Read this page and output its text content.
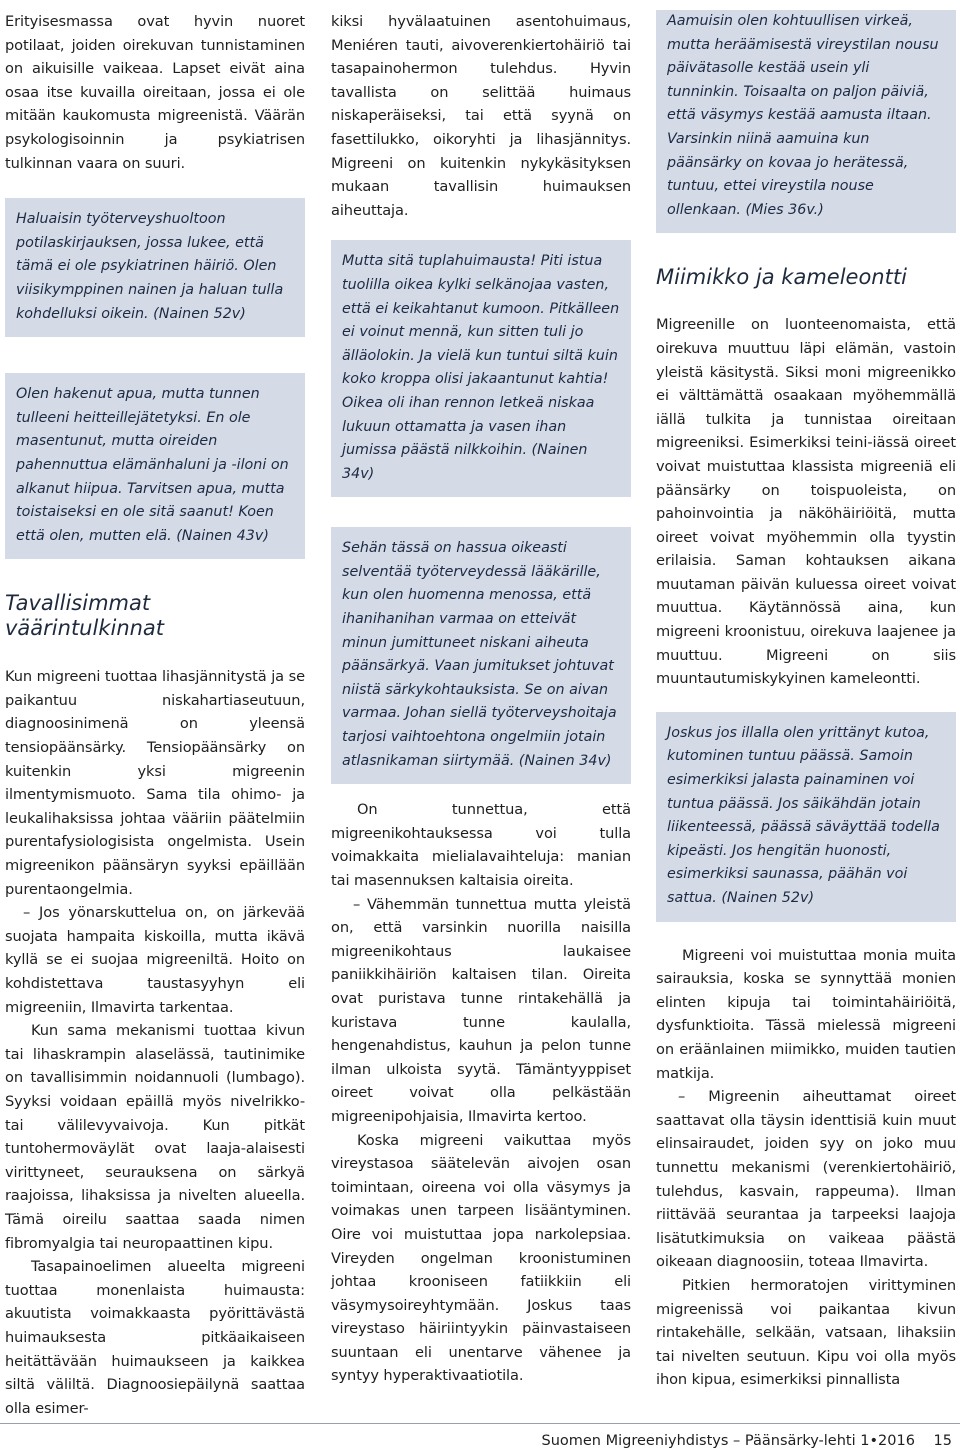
Erityisesmassa ovat hyvin nuoret potilaat, joiden oirekuvan tunnistaminen on aikuisille vaikeaa. Lapset eivät aina osaa itse kuvailla oireitaan, jossa ei ole mitään kaukomusta migreenistä. Väärän psykologisoinnin ja psykiatrisen tulkinnan vaara on suuri.

Haluaisin työterveyshuoltoon potilaskirjauksen, jossa lukee, että tämä ei ole psykiatrinen häiriö. Olen viisikymppinen nainen ja haluan tulla kohdelluksi oikein. (Nainen 52v)

Olen hakenut apua, mutta tunnen tulleeni heitteillejätetyksi. En ole masentunut, mutta oireiden pahennuttua elämänhaluni ja -iloni on alkanut hiipua. Tarvitsen apua, mutta toistaiseksi en ole sitä saanut! Koen että olen, mutten elä. (Nainen 43v)

Tavallisimmat väärintulkinnat

Kun migreeni tuottaa lihasjännitystä ja se paikantuu niskahartiaseutuun, diagnoosinimenä on yleensä tensiopäänsärky. Tensiopäänsärky on kuitenkin yksi migreenin ilmentymismuoto. Sama tila ohimo- ja leukalihaksissa johtaa vääriin päätelmiin purentafysiologisista ongelmista. Usein migreenikon päänsäryn syyksi epäillään purentaongelmia.

– Jos yönarskuttelua on, on järkevää suojata hampaita kiskoilla, mutta ikävä kyllä se ei suojaa migreeniltä. Hoito on kohdistettava taustasyyhyn eli migreeniin, Ilmavirta tarkentaa.

Kun sama mekanismi tuottaa kivun tai lihaskrampin alaselässä, tautinimike on tavallisimmin noidannuoli (lumbago). Syyksi voidaan epäillä myös nivelrikko- tai välilevyvaivoja. Kun pitkät tuntohermoväylät ovat laaja-alaisesti virittyneet, seurauksena on särkyä raajoissa, lihaksissa ja nivelten alueella. Tämä oireilu saattaa saada nimen fibromyalgia tai neuropaattinen kipu.

Tasapainoelimen alueelta migreeni tuottaa monenlaista huimausta: akuutista voimakkaasta pyörittävästä huimauksesta pitkäaikaiseen heitättävään huimaukseen ja kaikkea siltä väliltä. Diagnoosiepäilynä saattaa olla esimer-

kiksi hyvälaatuinen asentohuimaus, Meniéren tauti, aivoverenkiertohäiriö tai tasapainohermon tulehdus. Hyvin tavallista on selittää huimaus niskaperäiseksi, tai että syynä on fasettilukko, oikoryhti ja lihasjännitys. Migreeni on kuitenkin nykykäsityksen mukaan tavallisin huimauksen aiheuttaja.

Mutta sitä tuplahuimausta! Piti istua tuolilla oikea kylki selkänojaa vasten, että ei keikahtanut kumoon. Pitkälleen ei voinut mennä, kun sitten tuli jo älläolokin. Ja vielä kun tuntui siltä kuin koko kroppa olisi jakaantunut kahtia! Oikea oli ihan rennon letkeä niskaa lukuun ottamatta ja vasen ihan jumissa päästä nilkkoihin. (Nainen 34v)

Sehän tässä on hassua oikeasti selventää työterveydessä lääkärille, kun olen huomenna menossa, että ihanihanihan varmaa on etteivät minun jumittuneet niskani aiheuta päänsärkyä. Vaan jumitukset johtuvat niistä särkykohtauksista. Se on aivan varmaa. Johan siellä työterveyshoitaja tarjosi vaihtoehtona ongelmiin jotain atlasnikaman siirtymää. (Nainen 34v)

On tunnettua, että migreenikohtauksessa voi tulla voimakkaita mielialavaihteluja: manian tai masennuksen kaltaisia oireita.

– Vähemmän tunnettua mutta yleistä on, että varsinkin nuorilla naisilla migreenikohtaus laukaisee paniikkihäiriön kaltaisen tilan. Oireita ovat puristava tunne rintakehällä ja kuristava tunne kaulalla, hengenahdistus, kauhun ja pelon tunne ilman ulkoista syytä. Tämäntyyppiset oireet voivat olla pelkästään migreenipohjaisia, Ilmavirta kertoo.

Koska migreeni vaikuttaa myös vireystasoa säätelevän aivojen osan toimintaan, oireena voi olla väsymys ja voimakas unen tarpeen lisääntyminen. Oire voi muistuttaa jopa narkolepsiaa. Vireyden ongelman kroonistuminen johtaa krooniseen fatiikkiin eli väsymysoireyhtymään. Joskus taas vireystaso häiriintyykin päinvastaiseen suuntaan eli unentarve vähenee ja syntyy hyperaktivaatiotila.

Aamuisin olen kohtuullisen virkeä, mutta heräämisestä vireystilan nousu päivätasolle kestää usein yli tunninkin. Toisaalta on paljon päiviä, että väsymys kestää aamusta iltaan. Varsinkin niinä aamuina kun päänsärky on kovaa jo herätessä, tuntuu, ettei vireystila nouse ollenkaan. (Mies 36v.)

Miimikko ja kameleontti

Migreenille on luonteenomaista, että oirekuva muuttuu läpi elämän, vastoin yleistä käsitystä. Siksi moni migreenikko ei välttämättä osaakaan myöhemmällä iällä tulkita ja tunnistaa oireitaan migreeniksi. Esimerkiksi teini-iässä oireet voivat muistuttaa klassista migreeniä eli päänsärky on toispuoleista, on pahoinvointia ja näköhäiriöitä, mutta oireet voivat myöhemmin olla tyystin erilaisia. Saman kohtauksen aikana muutaman päivän kuluessa oireet voivat muuttua. Käytännössä aina, kun migreeni kroonistuu, oirekuva laajenee ja muuttuu. Migreeni on siis muuntautumiskykyinen kameleontti.

Joskus jos illalla olen yrittänyt kutoa, kutominen tuntuu päässä. Samoin esimerkiksi jalasta painaminen voi tuntua päässä. Jos säikähdän jotain liikenteessä, päässä säväyttää todella kipeästi. Jos hengitän huonosti, esimerkiksi saunassa, päähän voi sattua. (Nainen 52v)

Migreeni voi muistuttaa monia muita sairauksia, koska se synnyttää monien elinten kipuja tai toimintahäiriöitä, dysfunktioita. Tässä mielessä migreeni on eräänlainen miimikko, muiden tautien matkija.

– Migreenin aiheuttamat oireet saattavat olla täysin identtisiä kuin muut elinsairaudet, joiden syy on joko muu tunnettu mekanismi (verenkiertohäiriö, tulehdus, kasvain, rappeuma). Ilman riittävää seurantaa ja tarpeeksi laajoja lisätutkimuksia on vaikeaa päästä oikeaan diagnoosiin, toteaa Ilmavirta.

Pitkien hermoratojen virittyminen migreenissä voi paikantaa kivun rintakehälle, selkään, vatsaan, lihaksiin tai nivelten seutuun. Kipu voi olla myös ihon kipua, esimerkiksi pinnallista

Suomen Migreeniyhdistys – Päänsärky-lehti 1•2016 15
